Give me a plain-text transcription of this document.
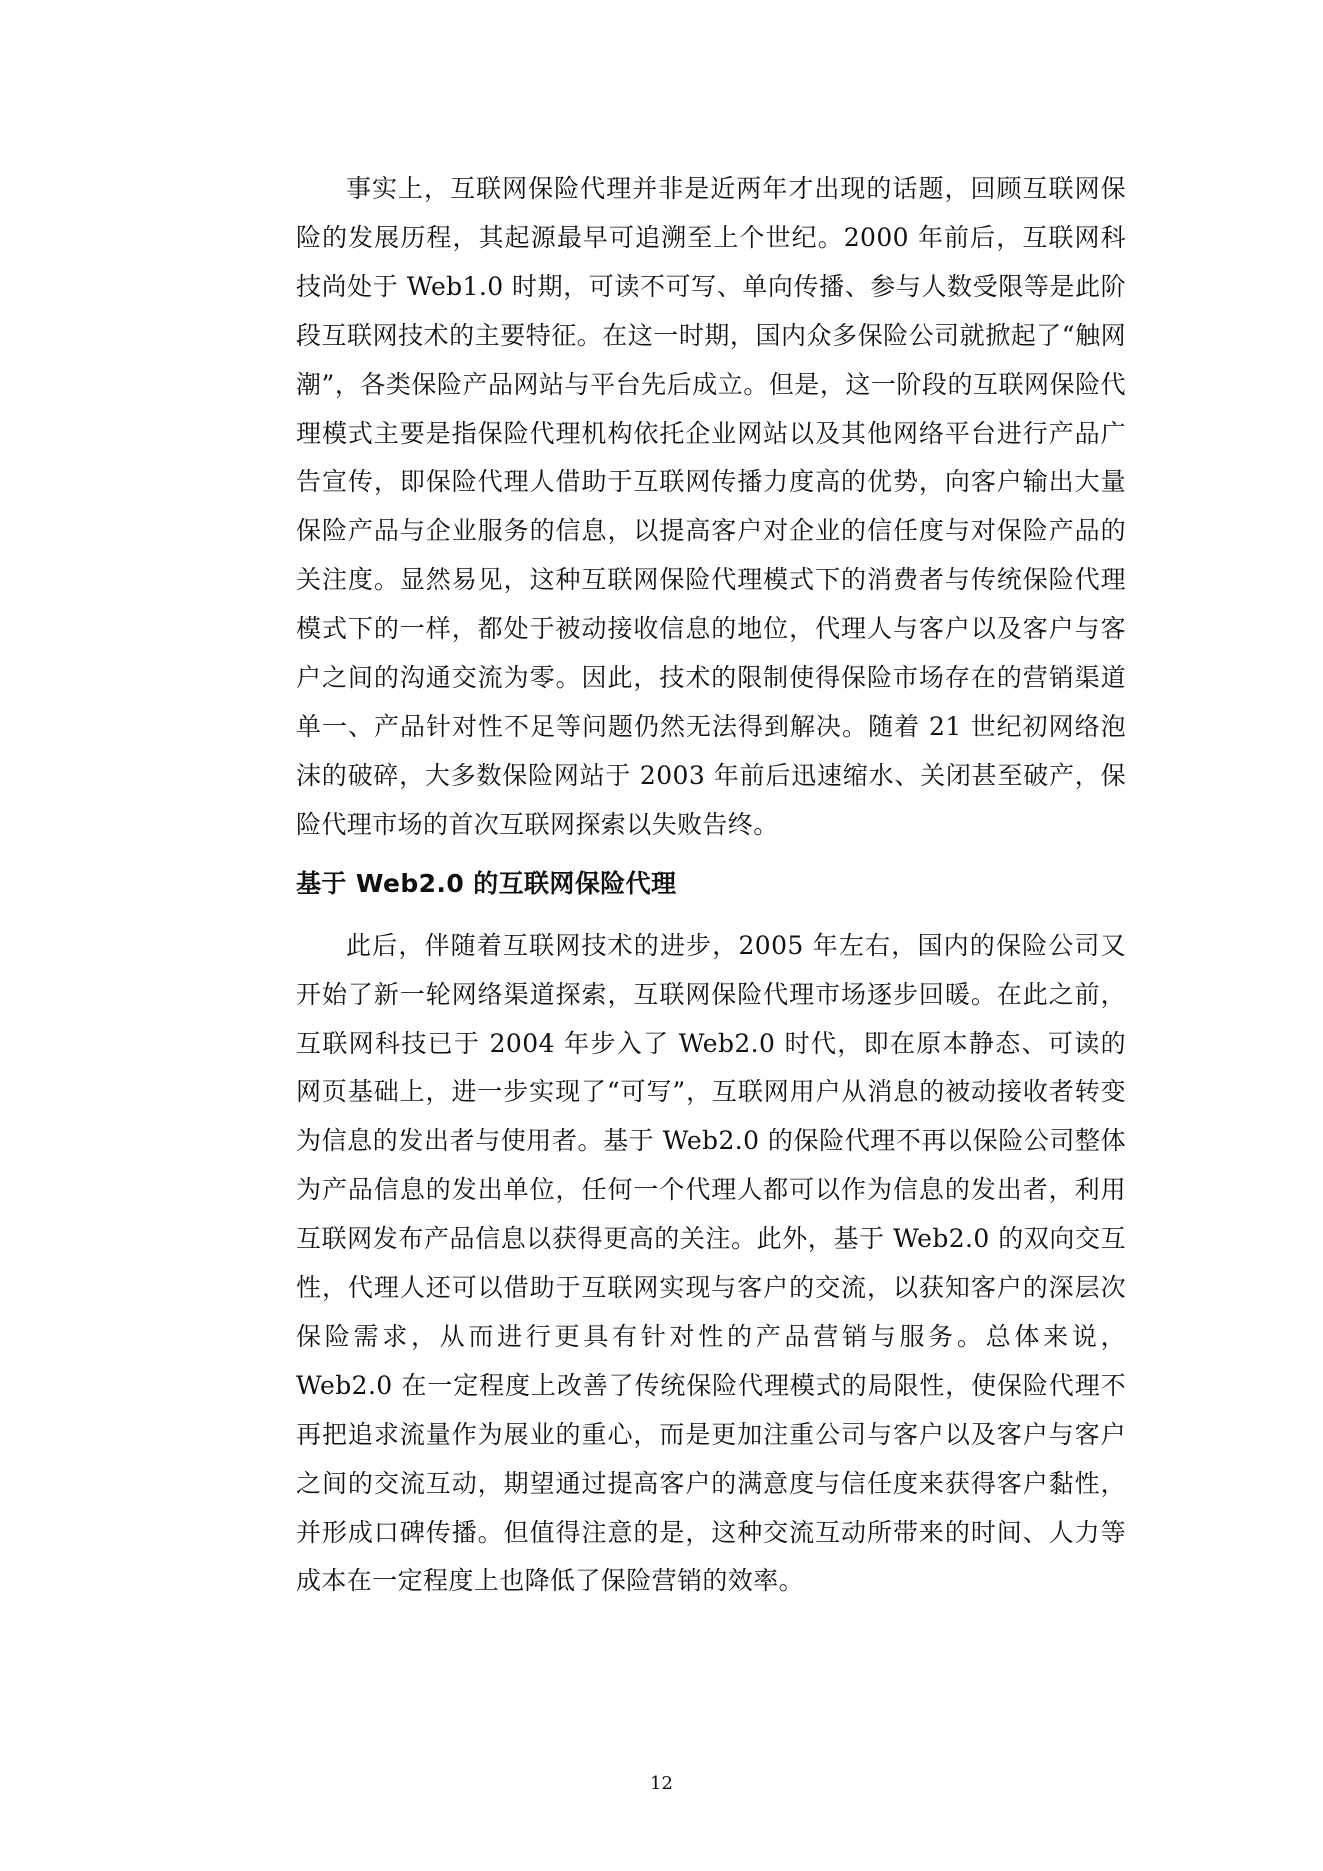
事实上，互联网保险代理并非是近两年才出现的话题，回顾互联网保险的发展历程，其起源最早可追溯至上个世纪。2000 年前后，互联网科技尚处于 Web1.0 时期，可读不可写、单向传播、参与人数受限等是此阶段互联网技术的主要特征。在这一时期，国内众多保险公司就掀起了“触网潮”，各类保险产品网站与平台先后成立。但是，这一阶段的互联网保险代理模式主要是指保险代理机构依托企业网站以及其他网络平台进行产品广告宣传，即保险代理人借助于互联网传播力度高的优势，向客户输出大量保险产品与企业服务的信息，以提高客户对企业的信任度与对保险产品的关注度。显然易见，这种互联网保险代理模式下的消费者与传统保险代理模式下的一样，都处于被动接收信息的地位，代理人与客户以及客户与客户之间的沟通交流为零。因此，技术的限制使得保险市场存在的营销渠道单一、产品针对性不足等问题仍然无法得到解决。随着 21 世纪初网络泡沫的破碎，大多数保险网站于 2003 年前后迅速缩水、关闭甚至破产，保险代理市场的首次互联网探索以失败告终。

基于 Web2.0 的互联网保险代理

此后，伴随着互联网技术的进步，2005 年左右，国内的保险公司又开始了新一轮网络渠道探索，互联网保险代理市场逐步回暖。在此之前，互联网科技已于 2004 年步入了 Web2.0 时代，即在原本静态、可读的网页基础上，进一步实现了“可写”，互联网用户从消息的被动接收者转变为信息的发出者与使用者。基于 Web2.0 的保险代理不再以保险公司整体为产品信息的发出单位，任何一个代理人都可以作为信息的发出者，利用互联网发布产品信息以获得更高的关注。此外，基于 Web2.0 的双向交互性，代理人还可以借助于互联网实现与客户的交流，以获知客户的深层次保险需求，从而进行更具有针对性的产品营销与服务。总体来说，Web2.0 在一定程度上改善了传统保险代理模式的局限性，使保险代理不再把追求流量作为展业的重心，而是更加注重公司与客户以及客户与客户之间的交流互动，期望通过提高客户的满意度与信任度来获得客户黏性，并形成口碑传播。但值得注意的是，这种交流互动所带来的时间、人力等成本在一定程度上也降低了保险营销的效率。

12
